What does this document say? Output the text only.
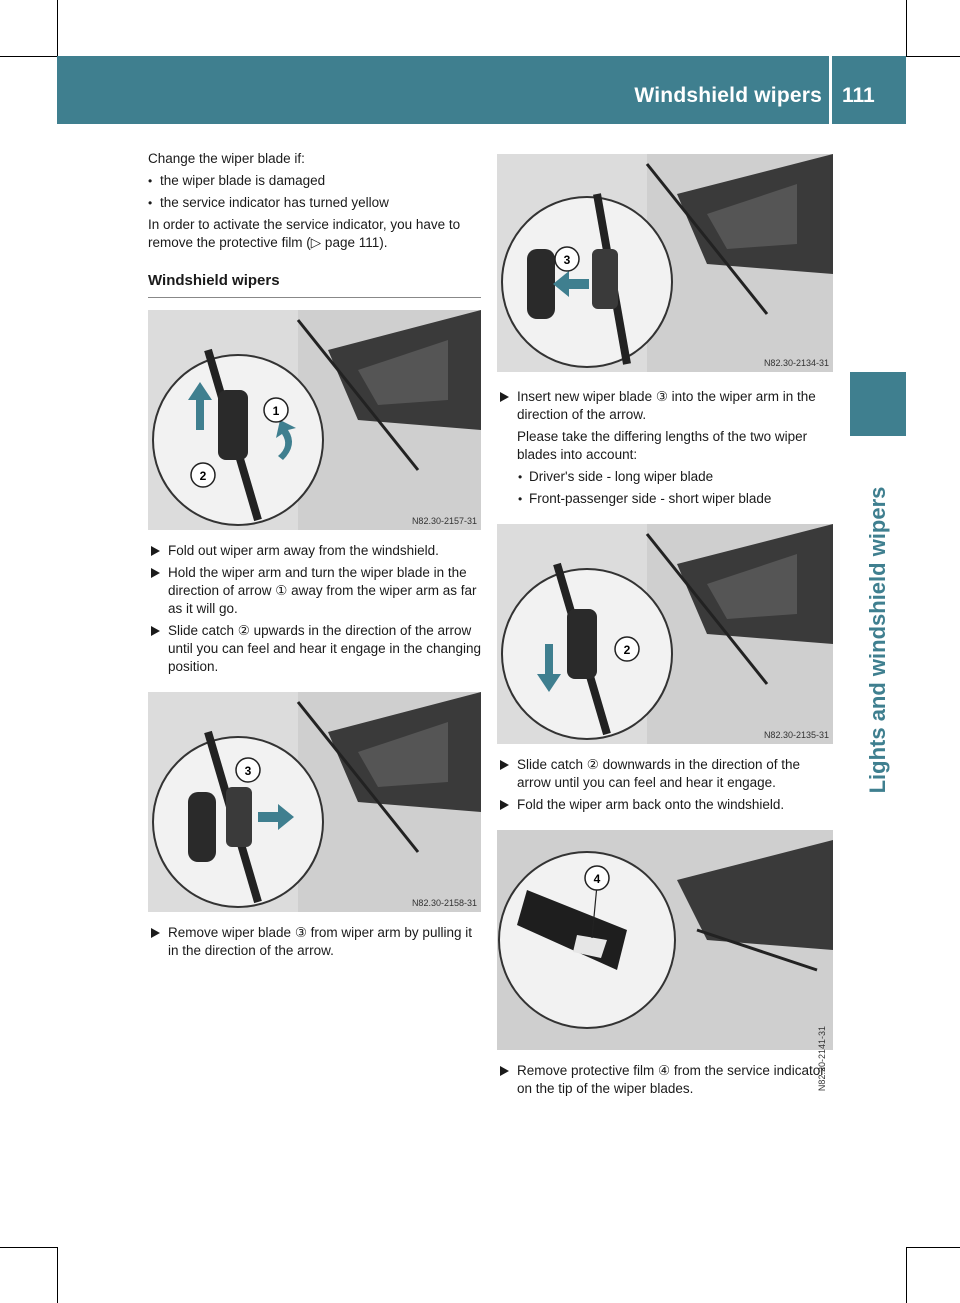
Windshield wipers 111
Lights and windshield wipers

Change the wiper blade if:

• the wiper blade is damaged

• the service indicator has turned yellow

In order to activate the service indicator, you have to remove the protective film (▷ page 111).

Windshield wipers
1
2
N82.30-2157-31

Fold out wiper arm away from the windshield.

Hold the wiper arm and turn the wiper blade in the direction of arrow ① away from the wiper arm as far as it will go.

Slide catch ② upwards in the direction of the arrow until you can feel and hear it engage in the changing position.

3
N82.30-2158-31

Remove wiper blade ③ from wiper arm by pulling it in the direction of the arrow.

3
N82.30-2134-31

Insert new wiper blade ③ into the wiper arm in the direction of the arrow.

Please take the differing lengths of the two wiper blades into account:

• Driver's side - long wiper blade

• Front-passenger side - short wiper blade

2
N82.30-2135-31

Slide catch ② downwards in the direction of the arrow until you can feel and hear it engage.

Fold the wiper arm back onto the windshield.

4
N82.20-2141-31

Remove protective film ④ from the service indicator on the tip of the wiper blades.
